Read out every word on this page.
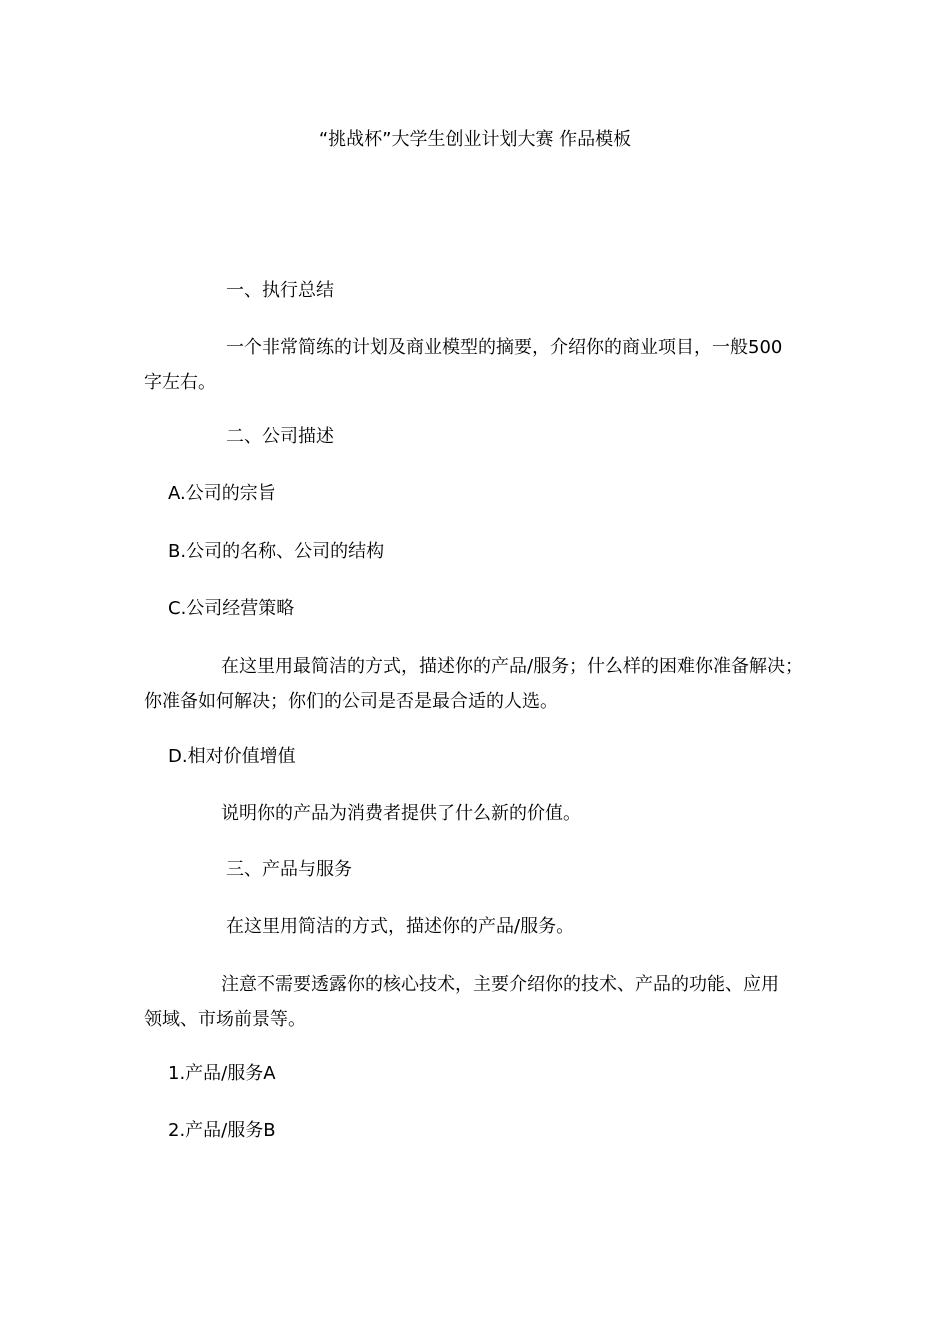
“挑战杯”大学生创业计划大赛 作品模板
一、执行总结
一个非常简练的计划及商业模型的摘要，介绍你的商业项目，一般500
字左右。
二、公司描述
A.公司的宗旨
B.公司的名称、公司的结构
C.公司经营策略
在这里用最简洁的方式，描述你的产品/服务；什么样的困难你准备解决；
你准备如何解决；你们的公司是否是最合适的人选。
D.相对价值增值
说明你的产品为消费者提供了什么新的价值。
三、产品与服务
在这里用简洁的方式，描述你的产品/服务。
注意不需要透露你的核心技术，主要介绍你的技术、产品的功能、应用
领域、市场前景等。
1.产品/服务A
2.产品/服务B
